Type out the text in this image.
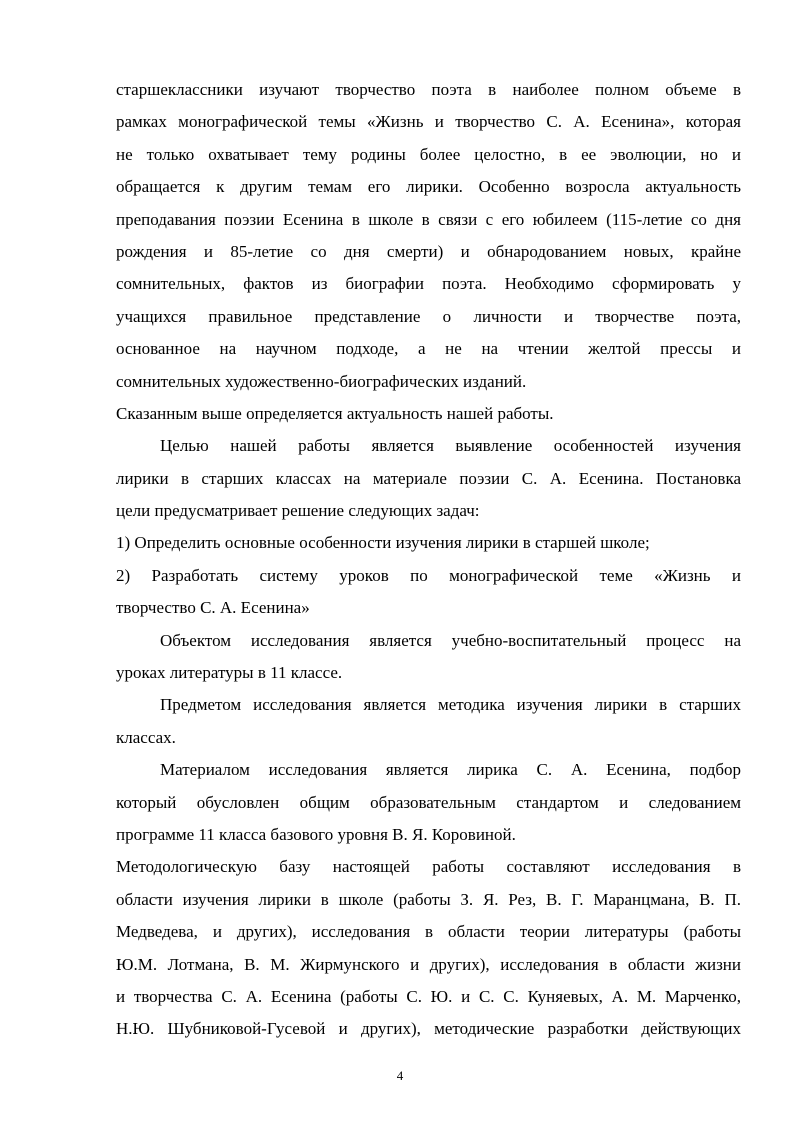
старшеклассники изучают творчество поэта в наиболее полном объеме в
рамках монографической темы «Жизнь и творчество С. А. Есенина», которая
не только охватывает тему родины более целостно, в ее эволюции, но и
обращается к другим темам его лирики. Особенно возросла актуальность
преподавания поэзии Есенина в школе в связи с его юбилеем (115-летие со дня
рождения и 85-летие со дня смерти) и обнародованием новых, крайне
сомнительных, фактов из биографии поэта. Необходимо сформировать у
учащихся правильное представление о личности и творчестве поэта,
основанное на научном подходе, а не на чтении желтой прессы и
сомнительных художественно-биографических изданий.
Сказанным выше определяется актуальность нашей работы.
Целью нашей работы является выявление особенностей изучения
лирики в старших классах на материале поэзии С. А. Есенина. Постановка
цели предусматривает решение следующих задач:
1) Определить основные особенности изучения лирики в старшей школе;
2) Разработать систему уроков по монографической теме «Жизнь и
творчество С. А. Есенина»
Объектом исследования является учебно-воспитательный процесс на
уроках литературы в 11 классе.
Предметом исследования является методика изучения лирики в старших
классах.
Материалом исследования является лирика С. А. Есенина, подбор
который обусловлен общим образовательным стандартом и следованием
программе 11 класса базового уровня В. Я. Коровиной.
Методологическую базу настоящей работы составляют исследования в
области изучения лирики в школе (работы З. Я. Рез, В. Г. Маранцмана, В. П.
Медведева, и других), исследования в области теории литературы (работы
Ю.М. Лотмана, В. М. Жирмунского и других), исследования в области жизни
и творчества С. А. Есенина (работы С. Ю. и С. С. Куняевых, А. М. Марченко,
Н.Ю. Шубниковой-Гусевой и других), методические разработки действующих
4
